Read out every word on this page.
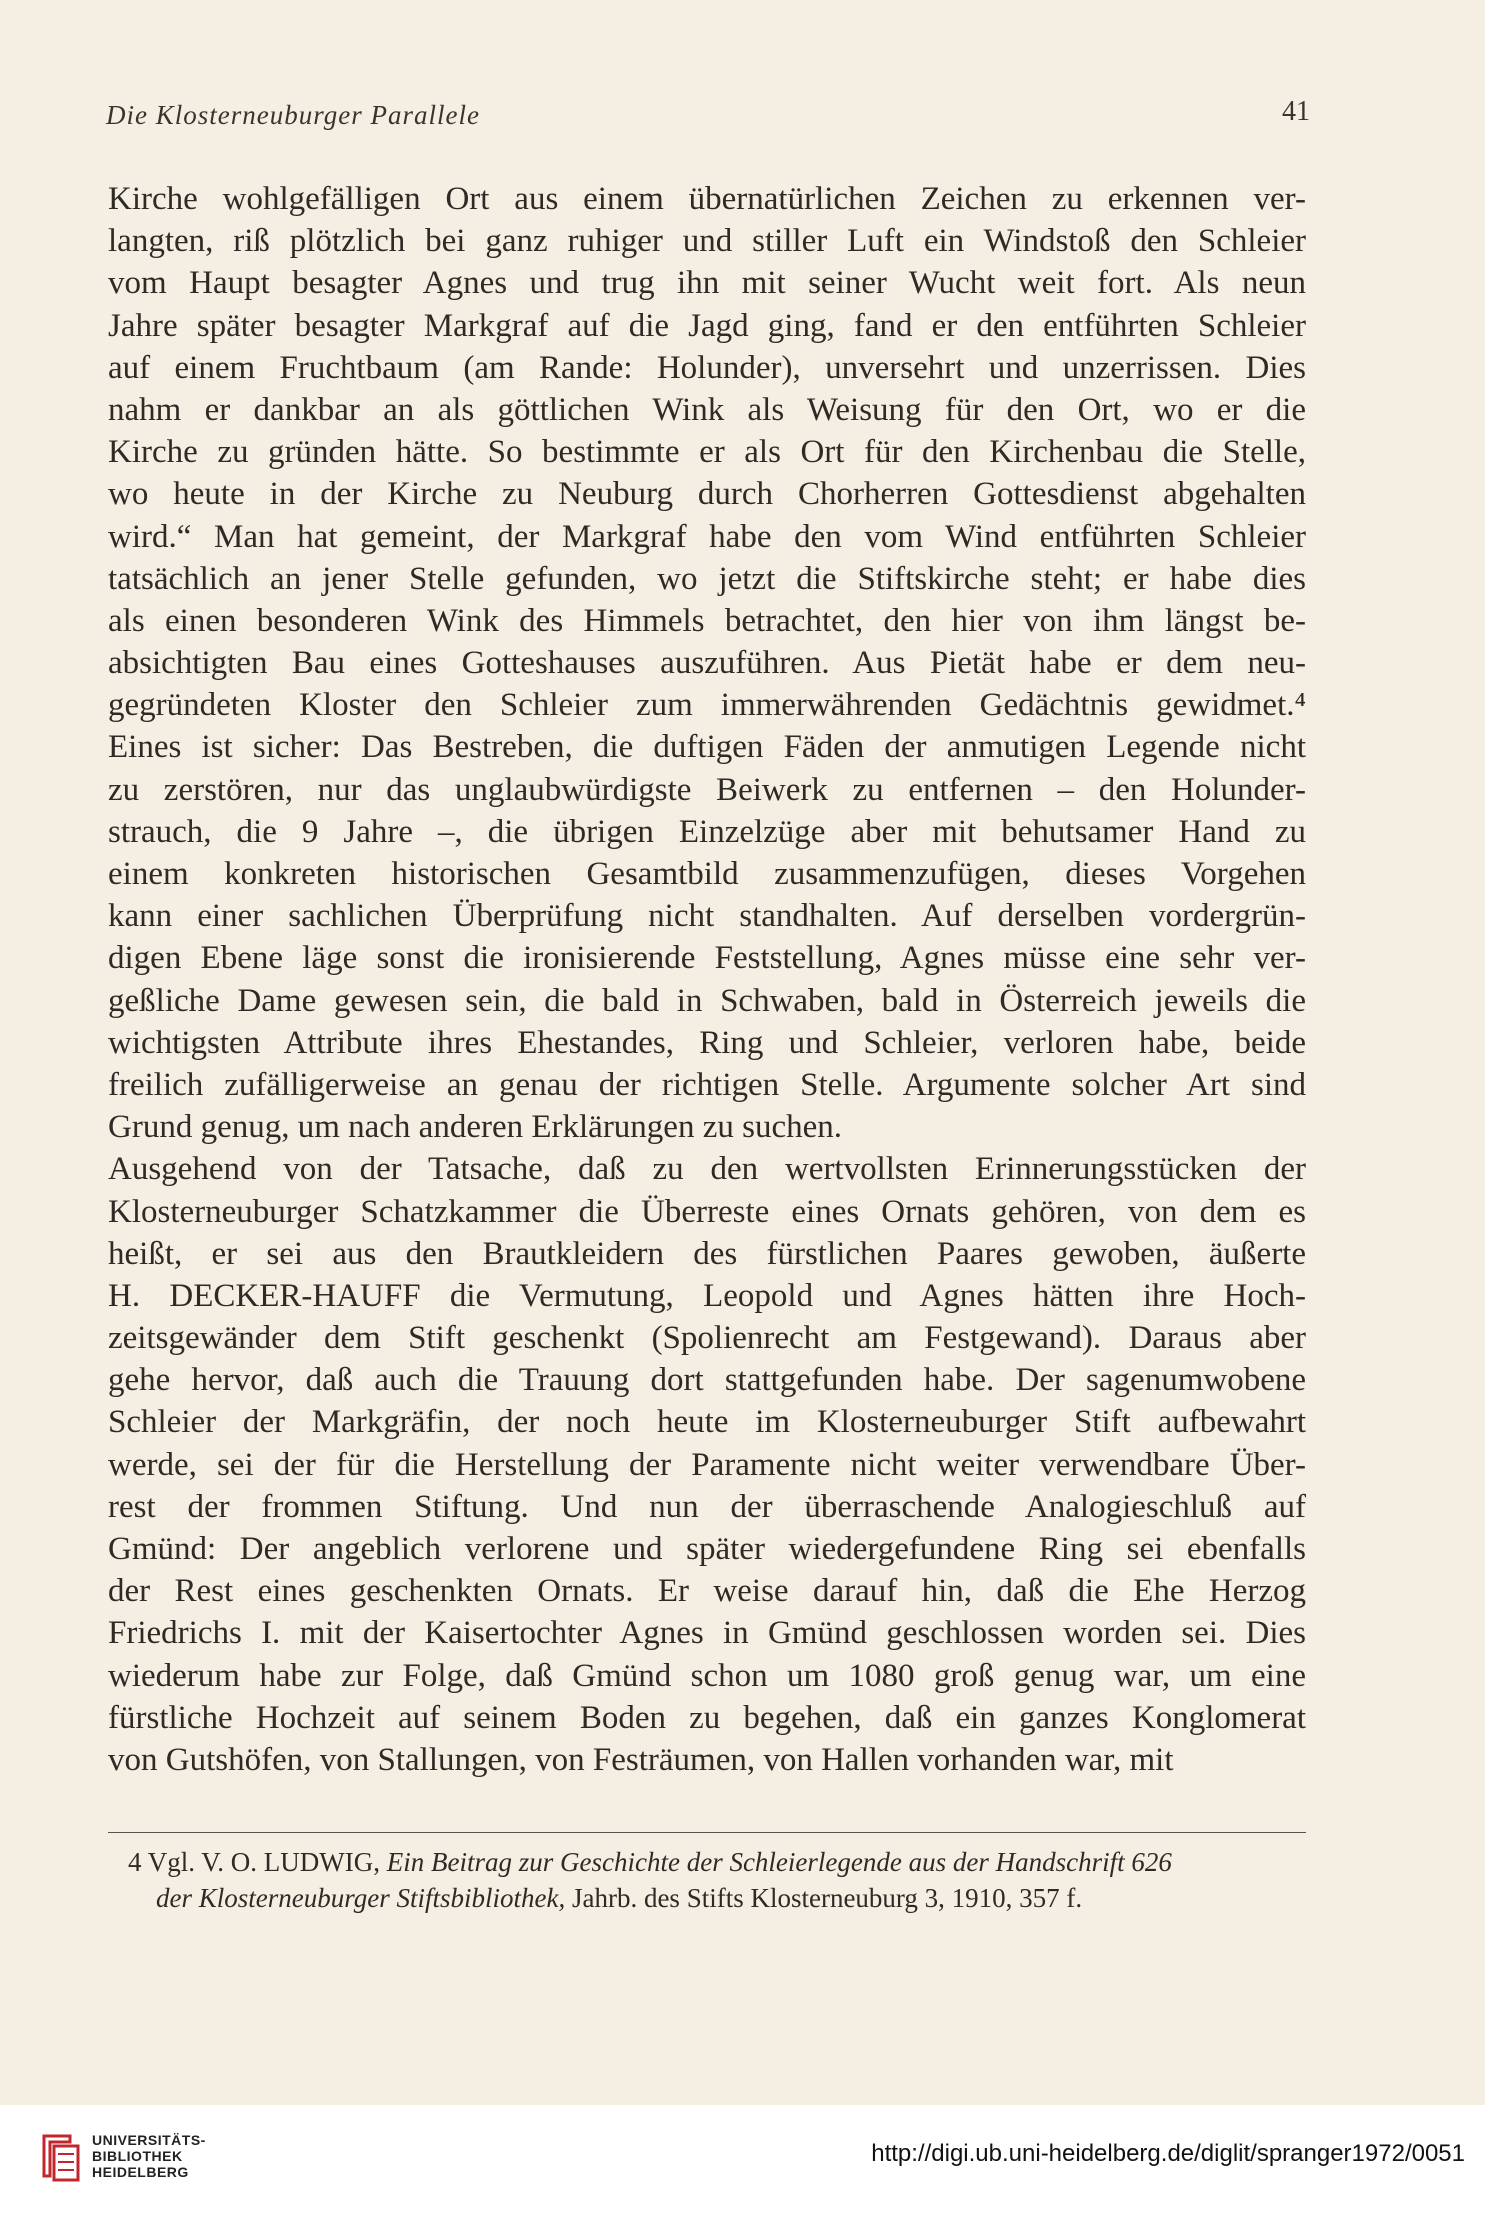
Die Klosterneuburger Parallele	41
Kirche wohlgefälligen Ort aus einem übernatürlichen Zeichen zu erkennen ver-
langten, riß plötzlich bei ganz ruhiger und stiller Luft ein Windstoß den Schleier
vom Haupt besagter Agnes und trug ihn mit seiner Wucht weit fort. Als neun
Jahre später besagter Markgraf auf die Jagd ging, fand er den entführten Schleier
auf einem Fruchtbaum (am Rande: Holunder), unversehrt und unzerrissen. Dies
nahm er dankbar an als göttlichen Wink als Weisung für den Ort, wo er die
Kirche zu gründen hätte. So bestimmte er als Ort für den Kirchenbau die Stelle,
wo heute in der Kirche zu Neuburg durch Chorherren Gottesdienst abgehalten
wird.“ Man hat gemeint, der Markgraf habe den vom Wind entführten Schleier
tatsächlich an jener Stelle gefunden, wo jetzt die Stiftskirche steht; er habe dies
als einen besonderen Wink des Himmels betrachtet, den hier von ihm längst be-
absichtigten Bau eines Gotteshauses auszuführen. Aus Pietät habe er dem neu-
gegründeten Kloster den Schleier zum immerwährenden Gedächtnis gewidmet.⁴
Eines ist sicher: Das Bestreben, die duftigen Fäden der anmutigen Legende nicht
zu zerstören, nur das unglaubwürdigste Beiwerk zu entfernen – den Holunder-
strauch, die 9 Jahre –, die übrigen Einzelzüge aber mit behutsamer Hand zu
einem konkreten historischen Gesamtbild zusammenzufügen, dieses Vorgehen
kann einer sachlichen Überprüfung nicht standhalten. Auf derselben vordergrün-
digen Ebene läge sonst die ironisierende Feststellung, Agnes müsse eine sehr ver-
geßliche Dame gewesen sein, die bald in Schwaben, bald in Österreich jeweils die
wichtigsten Attribute ihres Ehestandes, Ring und Schleier, verloren habe, beide
freilich zufälligerweise an genau der richtigen Stelle. Argumente solcher Art sind
Grund genug, um nach anderen Erklärungen zu suchen.
Ausgehend von der Tatsache, daß zu den wertvollsten Erinnerungsstücken der
Klosterneuburger Schatzkammer die Überreste eines Ornats gehören, von dem es
heißt, er sei aus den Brautkleidern des fürstlichen Paares gewoben, äußerte
H. DECKER-HAUFF die Vermutung, Leopold und Agnes hätten ihre Hoch-
zeitsgewänder dem Stift geschenkt (Spolienrecht am Festgewand). Daraus aber
gehe hervor, daß auch die Trauung dort stattgefunden habe. Der sagenumwobene
Schleier der Markgräfin, der noch heute im Klosterneuburger Stift aufbewahrt
werde, sei der für die Herstellung der Paramente nicht weiter verwendbare Über-
rest der frommen Stiftung. Und nun der überraschende Analogieschluß auf
Gmünd: Der angeblich verlorene und später wiedergefundene Ring sei ebenfalls
der Rest eines geschenkten Ornats. Er weise darauf hin, daß die Ehe Herzog
Friedrichs I. mit der Kaisertochter Agnes in Gmünd geschlossen worden sei. Dies
wiederum habe zur Folge, daß Gmünd schon um 1080 groß genug war, um eine
fürstliche Hochzeit auf seinem Boden zu begehen, daß ein ganzes Konglomerat
von Gutshöfen, von Stallungen, von Festräumen, von Hallen vorhanden war, mit
4 Vgl. V. O. LUDWIG, Ein Beitrag zur Geschichte der Schleierlegende aus der Handschrift 626
der Klosterneuburger Stiftsbibliothek, Jahrb. des Stifts Klosterneuburg 3, 1910, 357 f.
UNIVERSITÄTS-
BIBLIOTHEK
HEIDELBERG
http://digi.ub.uni-heidelberg.de/diglit/spranger1972/0051
